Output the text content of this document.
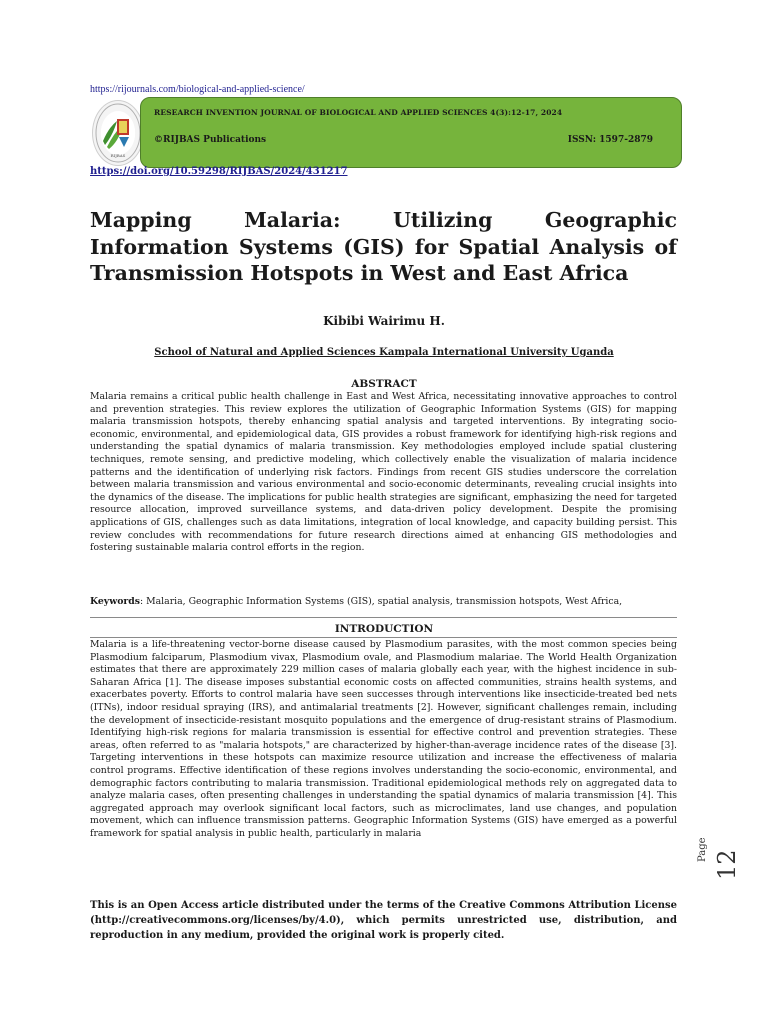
https://rijournals.com/biological-and-applied-science/
RIJBAS
RESEARCH INVENTION JOURNAL OF BIOLOGICAL AND APPLIED SCIENCES 4(3):12-17, 2024
©RIJBAS Publications	ISSN: 1597-2879
https://doi.org/10.59298/RIJBAS/2024/431217
Mapping Malaria: Utilizing Geographic Information Systems (GIS) for Spatial Analysis of Transmission Hotspots in West and East Africa
Kibibi Wairimu H.
School of Natural and Applied Sciences Kampala International University Uganda
ABSTRACT

Malaria remains a critical public health challenge in East and West Africa, necessitating innovative approaches to control and prevention strategies. This review explores the utilization of Geographic Information Systems (GIS) for mapping malaria transmission hotspots, thereby enhancing spatial analysis and targeted interventions. By integrating socio-economic, environmental, and epidemiological data, GIS provides a robust framework for identifying high-risk regions and understanding the spatial dynamics of malaria transmission. Key methodologies employed include spatial clustering techniques, remote sensing, and predictive modeling, which collectively enable the visualization of malaria incidence patterns and the identification of underlying risk factors. Findings from recent GIS studies underscore the correlation between malaria transmission and various environmental and socio-economic determinants, revealing crucial insights into the dynamics of the disease. The implications for public health strategies are significant, emphasizing the need for targeted resource allocation, improved surveillance systems, and data-driven policy development. Despite the promising applications of GIS, challenges such as data limitations, integration of local knowledge, and capacity building persist. This review concludes with recommendations for future research directions aimed at enhancing GIS methodologies and fostering sustainable malaria control efforts in the region.

Keywords: Malaria, Geographic Information Systems (GIS), spatial analysis, transmission hotspots, West Africa,
INTRODUCTION

Malaria is a life-threatening vector-borne disease caused by Plasmodium parasites, with the most common species being Plasmodium falciparum, Plasmodium vivax, Plasmodium ovale, and Plasmodium malariae. The World Health Organization estimates that there are approximately 229 million cases of malaria globally each year, with the highest incidence in sub-Saharan Africa [1]. The disease imposes substantial economic costs on affected communities, strains health systems, and exacerbates poverty. Efforts to control malaria have seen successes through interventions like insecticide-treated bed nets (ITNs), indoor residual spraying (IRS), and antimalarial treatments [2]. However, significant challenges remain, including the development of insecticide-resistant mosquito populations and the emergence of drug-resistant strains of Plasmodium. Identifying high-risk regions for malaria transmission is essential for effective control and prevention strategies. These areas, often referred to as "malaria hotspots," are characterized by higher-than-average incidence rates of the disease [3]. Targeting interventions in these hotspots can maximize resource utilization and increase the effectiveness of malaria control programs. Effective identification of these regions involves understanding the socio-economic, environmental, and demographic factors contributing to malaria transmission. Traditional epidemiological methods rely on aggregated data to analyze malaria cases, often presenting challenges in understanding the spatial dynamics of malaria transmission [4]. This aggregated approach may overlook significant local factors, such as microclimates, land use changes, and population movement, which can influence transmission patterns. Geographic Information Systems (GIS) have emerged as a powerful framework for spatial analysis in public health, particularly in malaria

This is an Open Access article distributed under the terms of the Creative Commons Attribution License (http://creativecommons.org/licenses/by/4.0), which permits unrestricted use, distribution, and reproduction in any medium, provided the original work is properly cited.

Page 12
